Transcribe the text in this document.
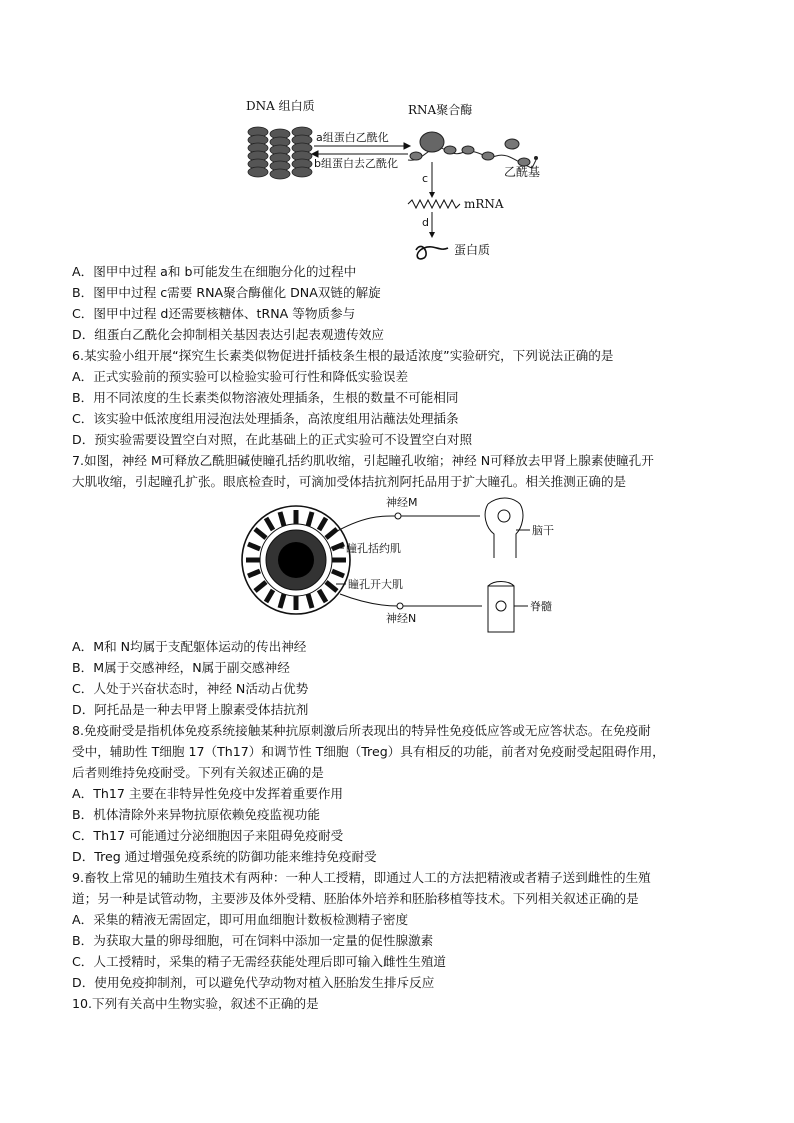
DNA 组白质
a组蛋白乙酰化
b组蛋白去乙酰化
RNA聚合酶
乙酰基
c
mRNA
d
蛋白质
A．图甲中过程 a和 b可能发生在细胞分化的过程中
B．图甲中过程 c需要 RNA聚合酶催化 DNA双链的解旋
C．图甲中过程 d还需要核糖体、tRNA 等物质参与
D．组蛋白乙酰化会抑制相关基因表达引起表观遗传效应
6.某实验小组开展“探究生长素类似物促进扦插枝条生根的最适浓度”实验研究，下列说法正确的是
A．正式实验前的预实验可以检验实验可行性和降低实验误差
B．用不同浓度的生长素类似物溶液处理插条，生根的数量不可能相同
C．该实验中低浓度组用浸泡法处理插条，高浓度组用沾蘸法处理插条
D．预实验需要设置空白对照，在此基础上的正式实验可不设置空白对照
7.如图，神经 M可释放乙酰胆碱使瞳孔括约肌收缩，引起瞳孔收缩；神经 N可释放去甲肾上腺素使瞳孔开
大肌收缩，引起瞳孔扩张。眼底检查时，可滴加受体拮抗剂阿托品用于扩大瞳孔。相关推测正确的是
神经M
脑干
瞳孔括约肌
瞳孔开大肌
神经N
脊髓
A．M和 N均属于支配躯体运动的传出神经
B．M属于交感神经，N属于副交感神经
C．人处于兴奋状态时，神经 N活动占优势
D．阿托品是一种去甲肾上腺素受体拮抗剂
8.免疫耐受是指机体免疫系统接触某种抗原刺激后所表现出的特异性免疫低应答或无应答状态。在免疫耐
受中，辅助性 T细胞 17（Th17）和调节性 T细胞（Treg）具有相反的功能，前者对免疫耐受起阻碍作用，
后者则维持免疫耐受。下列有关叙述正确的是
A．Th17 主要在非特异性免疫中发挥着重要作用
B．机体清除外来异物抗原依赖免疫监视功能
C．Th17 可能通过分泌细胞因子来阻碍免疫耐受
D．Treg 通过增强免疫系统的防御功能来维持免疫耐受
9.畜牧上常见的辅助生殖技术有两种：一种人工授精，即通过人工的方法把精液或者精子送到雌性的生殖
道；另一种是试管动物，主要涉及体外受精、胚胎体外培养和胚胎移植等技术。下列相关叙述正确的是
A．采集的精液无需固定，即可用血细胞计数板检测精子密度
B．为获取大量的卵母细胞，可在饲料中添加一定量的促性腺激素
C．人工授精时，采集的精子无需经获能处理后即可输入雌性生殖道
D．使用免疫抑制剂，可以避免代孕动物对植入胚胎发生排斥反应
10.下列有关高中生物实验，叙述不正确的是
